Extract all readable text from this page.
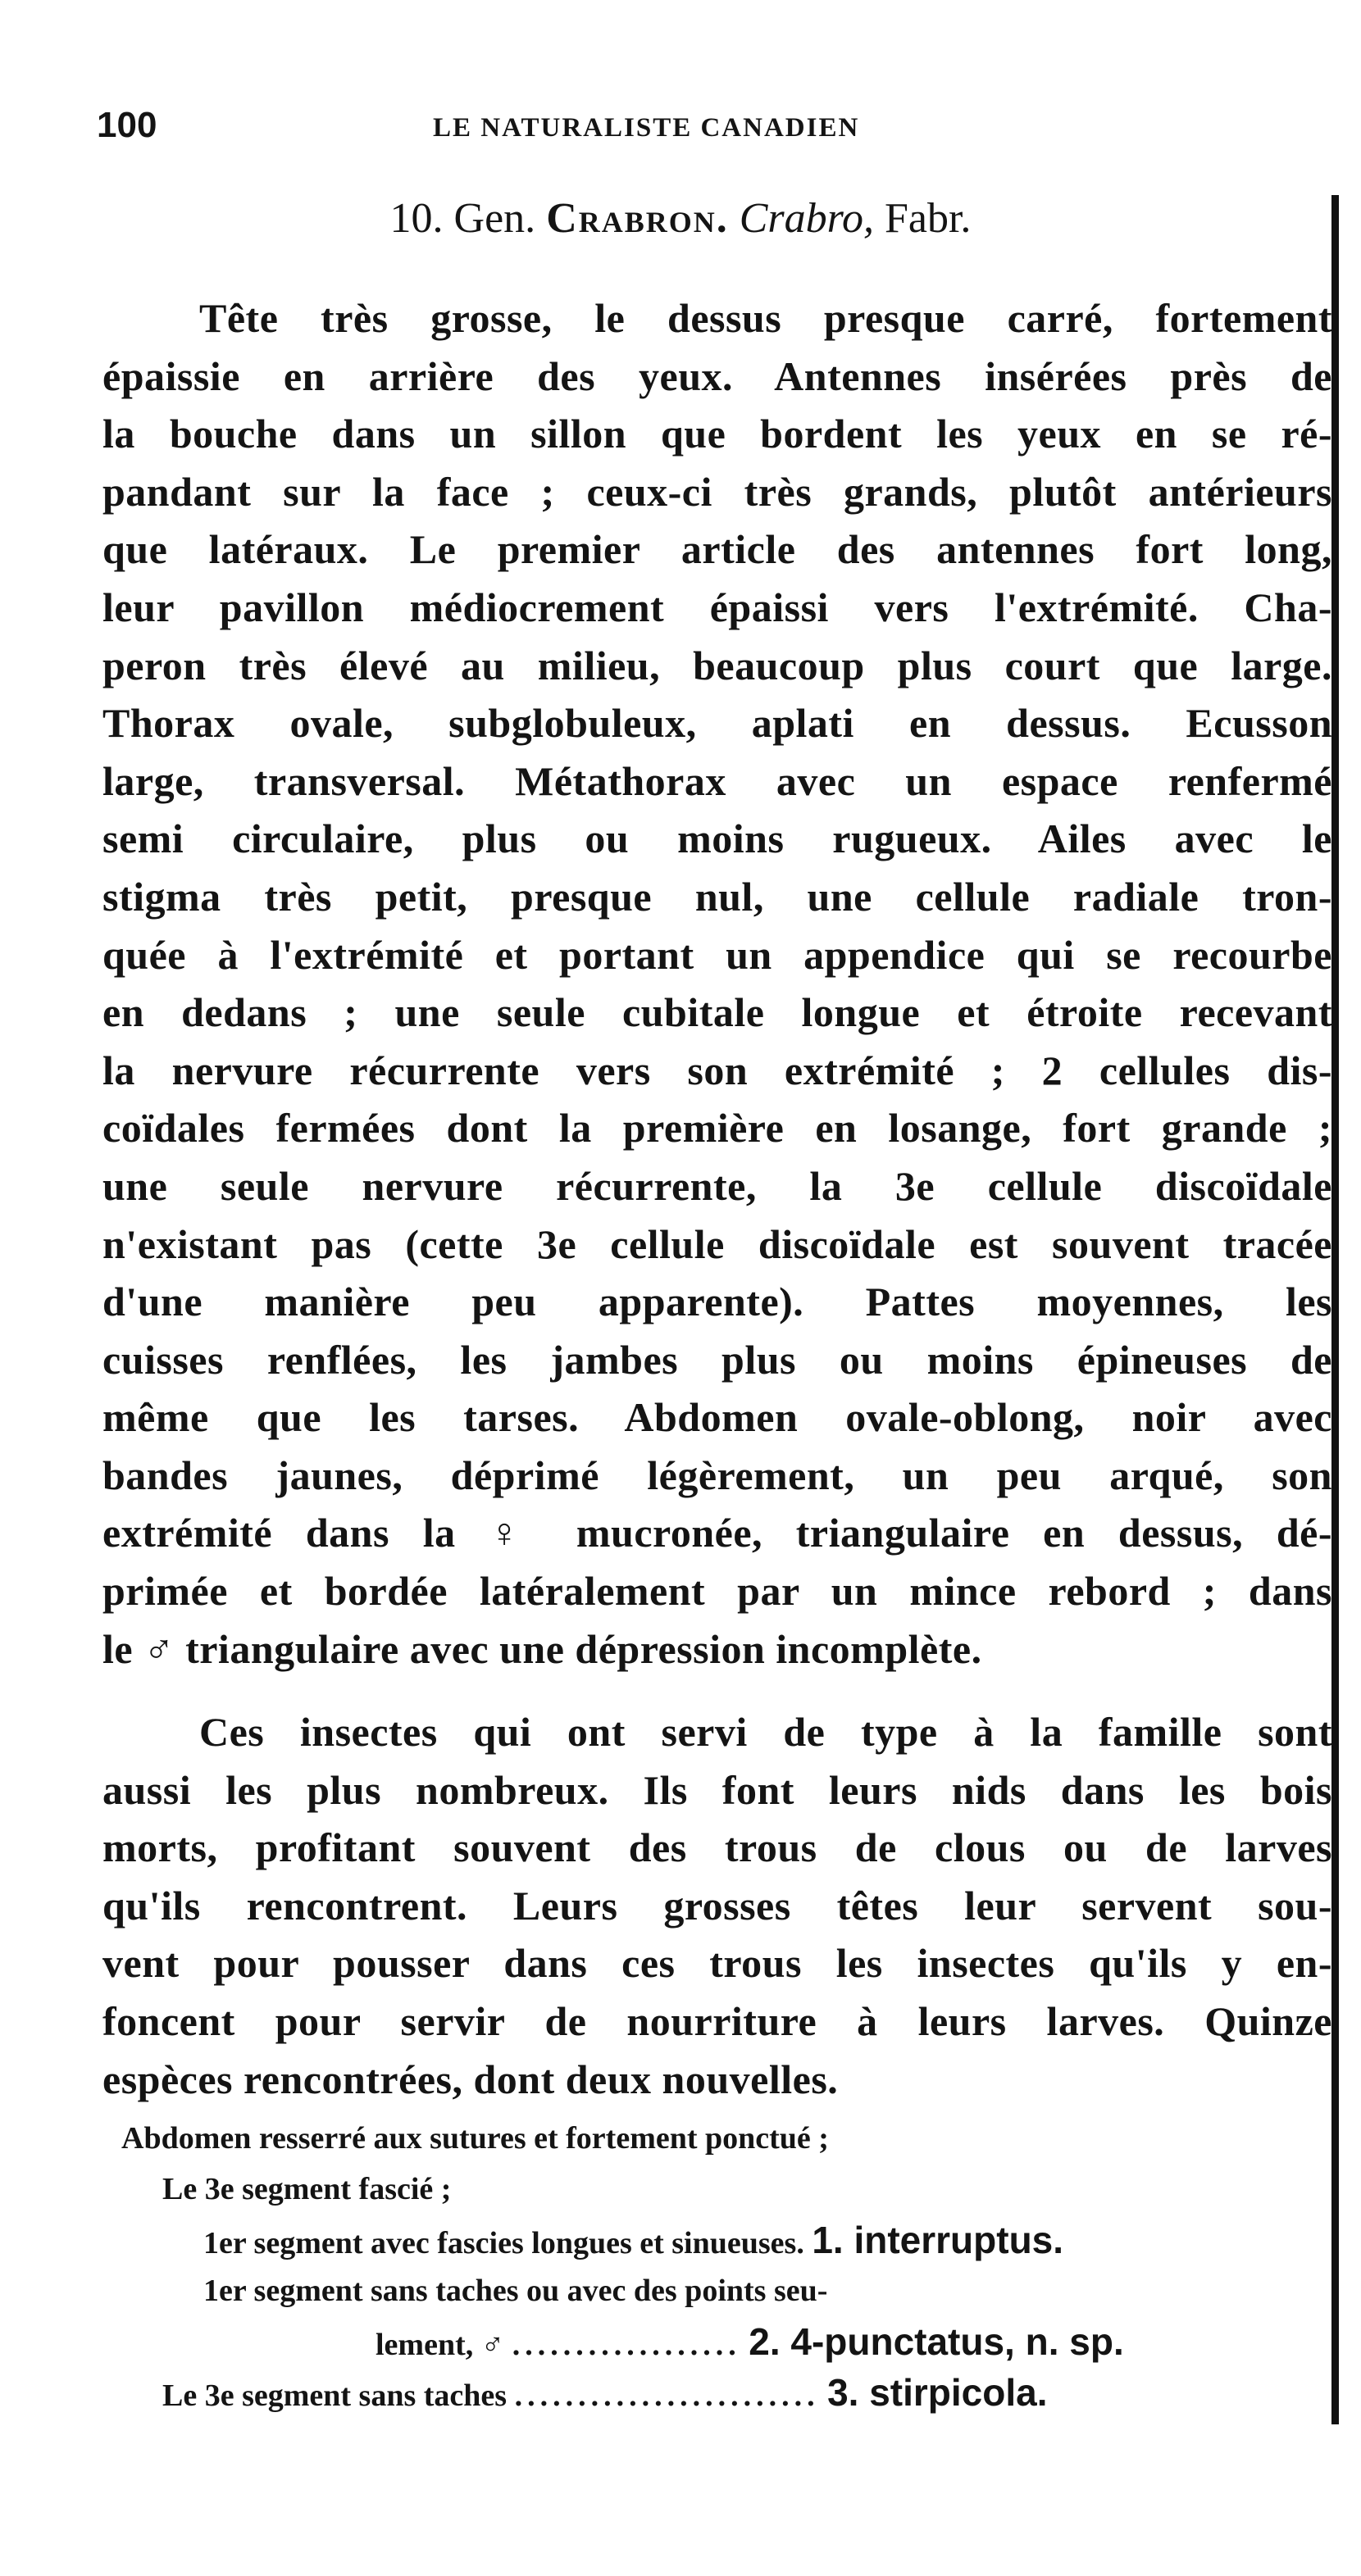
100	LE NATURALISTE CANADIEN
10. Gen. Crabron. Crabro, Fabr.
Tête très grosse, le dessus presque carré, fortement
épaissie en arrière des yeux. Antennes insérées près de
la bouche dans un sillon que bordent les yeux en se ré-
pandant sur la face ; ceux-ci très grands, plutôt antérieurs
que latéraux. Le premier article des antennes fort long,
leur pavillon médiocrement épaissi vers l'extrémité. Cha-
peron très élevé au milieu, beaucoup plus court que large.
Thorax ovale, subglobuleux, aplati en dessus. Ecusson
large, transversal. Métathorax avec un espace renfermé
semi circulaire, plus ou moins rugueux. Ailes avec le
stigma très petit, presque nul, une cellule radiale tron-
quée à l'extrémité et portant un appendice qui se recourbe
en dedans ; une seule cubitale longue et étroite recevant
la nervure récurrente vers son extrémité ; 2 cellules dis-
coïdales fermées dont la première en losange, fort grande ;
une seule nervure récurrente, la 3e cellule discoïdale
n'existant pas (cette 3e cellule discoïdale est souvent tracée
d'une manière peu apparente). Pattes moyennes, les
cuisses renflées, les jambes plus ou moins épineuses de
même que les tarses. Abdomen ovale-oblong, noir avec
bandes jaunes, déprimé légèrement, un peu arqué, son
extrémité dans la ♀ mucronée, triangulaire en dessus, dé-
primée et bordée latéralement par un mince rebord ; dans
le ♂ triangulaire avec une dépression incomplète.
Ces insectes qui ont servi de type à la famille sont
aussi les plus nombreux. Ils font leurs nids dans les bois
morts, profitant souvent des trous de clous ou de larves
qu'ils rencontrent. Leurs grosses têtes leur servent sou-
vent pour pousser dans ces trous les insectes qu'ils y en-
foncent pour servir de nourriture à leurs larves. Quinze
espèces rencontrées, dont deux nouvelles.
Abdomen resserré aux sutures et fortement ponctué ;
Le 3e segment fascié ;
1er segment avec fascies longues et sinueuses. 1. interruptus.
1er segment sans taches ou avec des points seu-
lement, ♂ .................. 2. 4-punctatus, n. sp.
Le 3e segment sans taches ........................ 3. stirpicola.
